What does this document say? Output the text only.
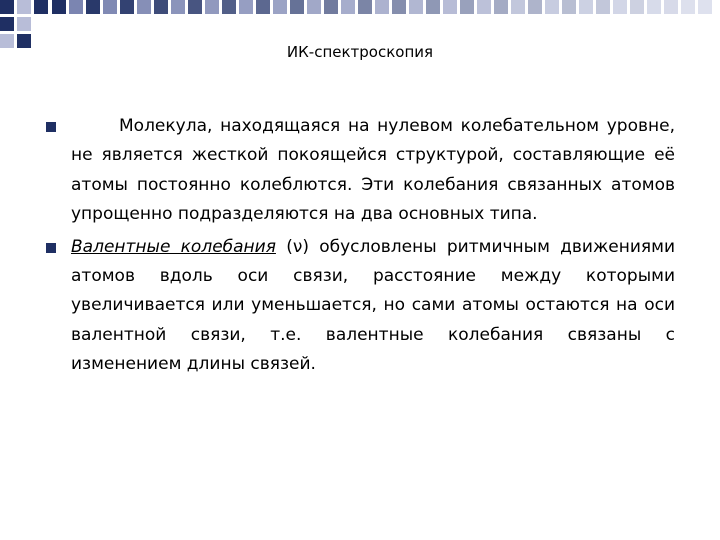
ИК-спектроскопия
Молекула, находящаяся на нулевом колебательном уровне, не является жесткой покоящейся структурой, составляющие её атомы постоянно колеблются. Эти колебания связанных атомов упрощенно подразделяются на два основных типа.
Валентные колебания (ν) обусловлены ритмичным движениями атомов вдоль оси связи, расстояние между которыми увеличивается или уменьшается, но сами атомы остаются на оси валентной связи, т.е. валентные колебания связаны с изменением длины связей.
